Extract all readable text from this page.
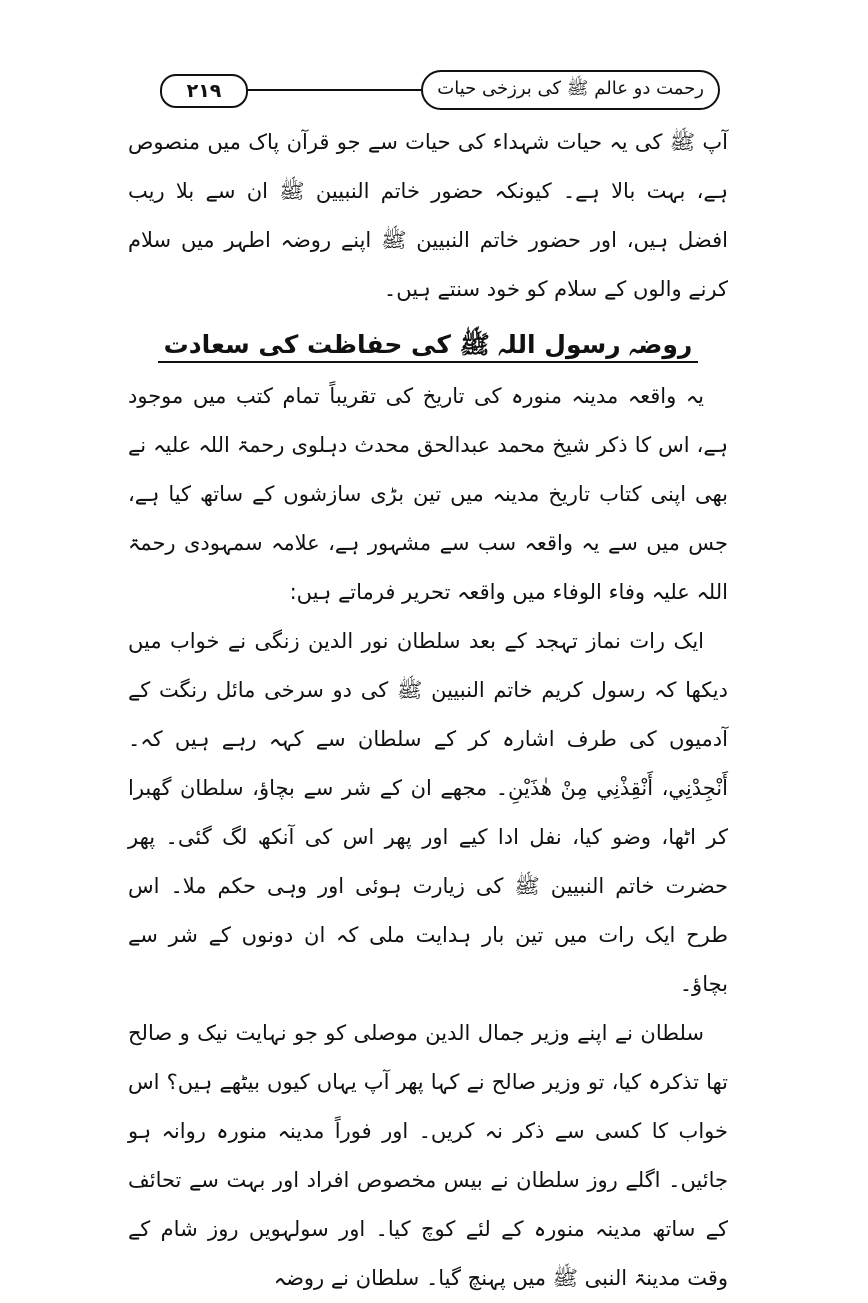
۲۱۹	رحمت دو عالم ﷺ کی برزخی حیات

آپ ﷺ کی یہ حیات شہداء کی حیات سے جو قرآن پاک میں منصوص ہے، بہت بالا ہے۔ کیونکہ حضور خاتم النبیین ﷺ ان سے بلا ریب افضل ہیں، اور حضور خاتم النبیین ﷺ اپنے روضہ اطہر میں سلام کرنے والوں کے سلام کو خود سنتے ہیں۔

روضہ رسول اللہ ﷺ کی حفاظت کی سعادت

یہ واقعہ مدینہ منورہ کی تاریخ کی تقریباً تمام کتب میں موجود ہے، اس کا ذکر شیخ محمد عبدالحق محدث دہلوی رحمۃ اللہ علیہ نے بھی اپنی کتاب تاریخ مدینہ میں تین بڑی سازشوں کے ساتھ کیا ہے، جس میں سے یہ واقعہ سب سے مشہور ہے، علامہ سمہودی رحمۃ اللہ علیہ وفاء الوفاء میں واقعہ تحریر فرماتے ہیں:

ایک رات نماز تہجد کے بعد سلطان نور الدین زنگی نے خواب میں دیکھا کہ رسول کریم خاتم النبیین ﷺ کی دو سرخی مائل رنگت کے آدمیوں کی طرف اشارہ کر کے سلطان سے کہہ رہے ہیں کہ۔ أَنْجِدْنِي، أَنْقِذْنِي مِنْ هٰذَيْنِ۔ مجھے ان کے شر سے بچاؤ، سلطان گھبرا کر اٹھا، وضو کیا، نفل ادا کیے اور پھر اس کی آنکھ لگ گئی۔ پھر حضرت خاتم النبیین ﷺ کی زیارت ہوئی اور وہی حکم ملا۔ اس طرح ایک رات میں تین بار ہدایت ملی کہ ان دونوں کے شر سے بچاؤ۔

سلطان نے اپنے وزیر جمال الدین موصلی کو جو نہایت نیک و صالح تھا تذکرہ کیا، تو وزیر صالح نے کہا پھر آپ یہاں کیوں بیٹھے ہیں؟ اس خواب کا کسی سے ذکر نہ کریں۔ اور فوراً مدینہ منورہ روانہ ہو جائیں۔ اگلے روز سلطان نے بیس مخصوص افراد اور بہت سے تحائف کے ساتھ مدینہ منورہ کے لئے کوچ کیا۔ اور سولہویں روز شام کے وقت مدینۃ النبی ﷺ میں پہنچ گیا۔ سلطان نے روضہ
